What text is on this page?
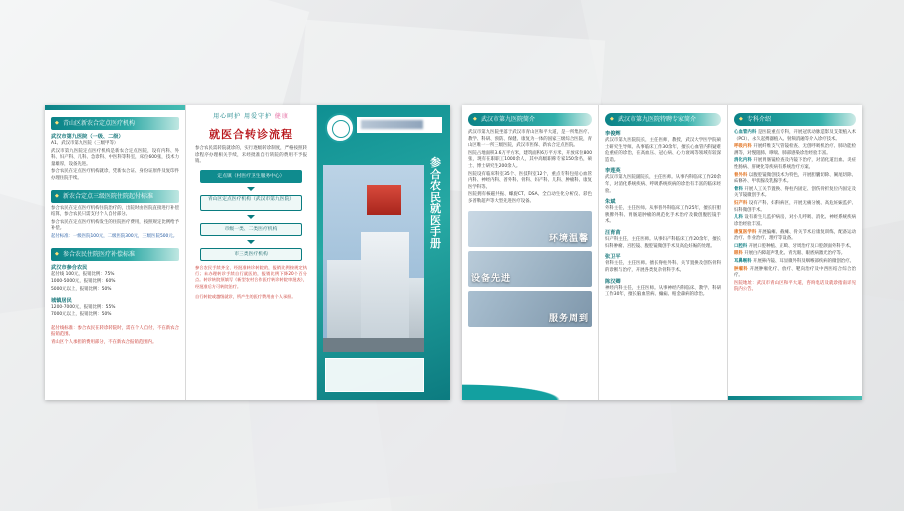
◆ 青山区新农合定点医疗机构
武汉市第九医院（一级、二级）
A1、武汉市第九医院（三级甲等）
武汉市第九医院定点医疗机构是新农合定点医院，设有内科、外科、妇产科、儿科、急诊科、中医科等科室，床位600张，技术力量雄厚，设备先进。
参合农民在定点医疗机构就诊，凭新农合证、身份证原件及复印件办理住院手续。
◆ 新农合定点三级医院住院起付标准
参合农民在定点医疗机构住院治疗的，出院时由医院直接进行补偿结算，参合农民只需支付个人自付部分。
参合农民在定点医疗机构发生的住院医疗费用，按照规定比例给予补偿。
起付标准：一级医院100元，二级医院300元，三级医院500元。
◆ 参合农民住院医疗补偿标准
武汉市参合农民
起付线 100元，报销比例：75%
1000-5000元，报销比例：60%
5000元以上，报销比例：50%
城镇居民
1200-7000元，报销比例：55%
7000元以上，报销比例：50%
起付线标准：参合农民在转诊转院时，需在个人自付，不在新农合报销范围。
青山区个人承担的费用部分，不在新农合报销范围内。
用心呵护 用爱守护 健康
就医合转诊流程
参合农民需转院就诊的，实行逐级转诊制度，严格按照转诊程序办理相关手续，未经批准自行转院的费用不予报销。
定点镇（村医疗卫生服务中心）
青山区定点医疗机构（武汉市第九医院）
市级一类、二类医疗机构
市三类医疗机构
参合农民手续齐全、经批准转诊转院的，报销比例按规定执行；未办理转诊手续自行就医的，报销比例下降20个百分点。转诊转院须填写《新型农村合作医疗转诊转院审批表》，经批准后方可转院治疗。
自行转院或越级就诊，所产生的医疗费用由个人承担。
参合农民就医手册
◆ 武汉市第九医院简介
武汉市第九医院坐落于武汉市青山区和平大道，是一所集医疗、教学、科研、预防、保健、康复为一体的国家三级综合医院，青山区唯一一所三级医院，武汉市医保、新农合定点医院。
医院占地面积3.6万平方米，建筑面积6万平方米，开放床位800张，现有在职职工1000余人，其中高级职称专家150余名，硕士、博士研究生200余人。
医院设有临床科室35个、医技科室12个，重点专科包括心血管内科、神经内科、普外科、骨科、妇产科、儿科、肿瘤科、康复医学科等。
医院拥有核磁共振、螺旋CT、DSA、全自动生化分析仪、彩色多普勒超声等大型先进医疗设备。
环境温馨
设备先进
服务周到
◆ 武汉市第九医院特聘专家简介
李俊辉
武汉市第九医院院长，主任医师，教授，武汉大学医学院硕士研究生导师。从事临床工作30余年，擅长心血管内科疑难危重症的诊治，在高血压、冠心病、心力衰竭等领域有较深造诣。
李莲英
武汉市第九医院副院长，主任医师。从事内科临床工作20余年，对消化系统疾病、呼吸系统疾病的诊治有丰富的临床经验。
朱斌
外科主任，主任医师。从事普外科临床工作25年，擅长肝胆胰脾外科、胃肠道肿瘤的规范化手术治疗及微创腹腔镜手术。
汪育苗
妇产科主任，主任医师。从事妇产科临床工作20余年，擅长妇科肿瘤、宫腔镜、腹腔镜微创手术及高危妊娠的处理。
张卫平
骨科主任，主任医师。擅长脊柱外科、关节置换及创伤骨科的诊断与治疗，开展各类复杂骨科手术。
陈汉卿
神经内科主任，主任医师。从事神经内科临床、教学、科研工作30年，擅长脑血管病、癫痫、帕金森病的诊治。
◆ 专科介绍
心血管内科 是医院重点专科，开展冠状动脉造影及支架植入术（PCI）、永久起搏器植入、射频消融等介入诊疗技术。
呼吸内科 开展纤维支气管镜检查、无创呼吸机治疗、肺功能检测等，对慢阻肺、哮喘、肺部感染诊治经验丰富。
消化内科 开展胃肠镜检查及内镜下治疗，对消化道出血、炎症性肠病、肝硬化等疾病有系统治疗方案。
普外科 以腹腔镜微创技术为特色，开展胆囊切除、阑尾切除、疝修补、甲状腺及乳腺手术。
骨科 开展人工关节置换、脊柱内固定、创伤骨折复位内固定及关节镜微创手术。
妇产科 设有产科、妇科病区，开展无痛分娩、高危妊娠监护、妇科微创手术。
儿科 设有新生儿监护病房，对小儿呼吸、消化、神经系统疾病诊治经验丰富。
康复医学科 开展偏瘫、截瘫、骨关节术后康复训练，配备运动治疗、作业治疗、理疗等设备。
口腔科 开展口腔种植、正畸、牙周治疗及口腔颌面外科手术。
眼科 开展白内障超声乳化、青光眼、眼底病激光治疗等。
耳鼻喉科 开展鼻内镜、耳显微外科及咽喉部疾病的微创治疗。
肿瘤科 开展肿瘤化疗、放疗、靶向治疗及中西医结合综合治疗。
医院地址：武汉市青山区和平大道，咨询电话及就诊指南详见院内公告。
